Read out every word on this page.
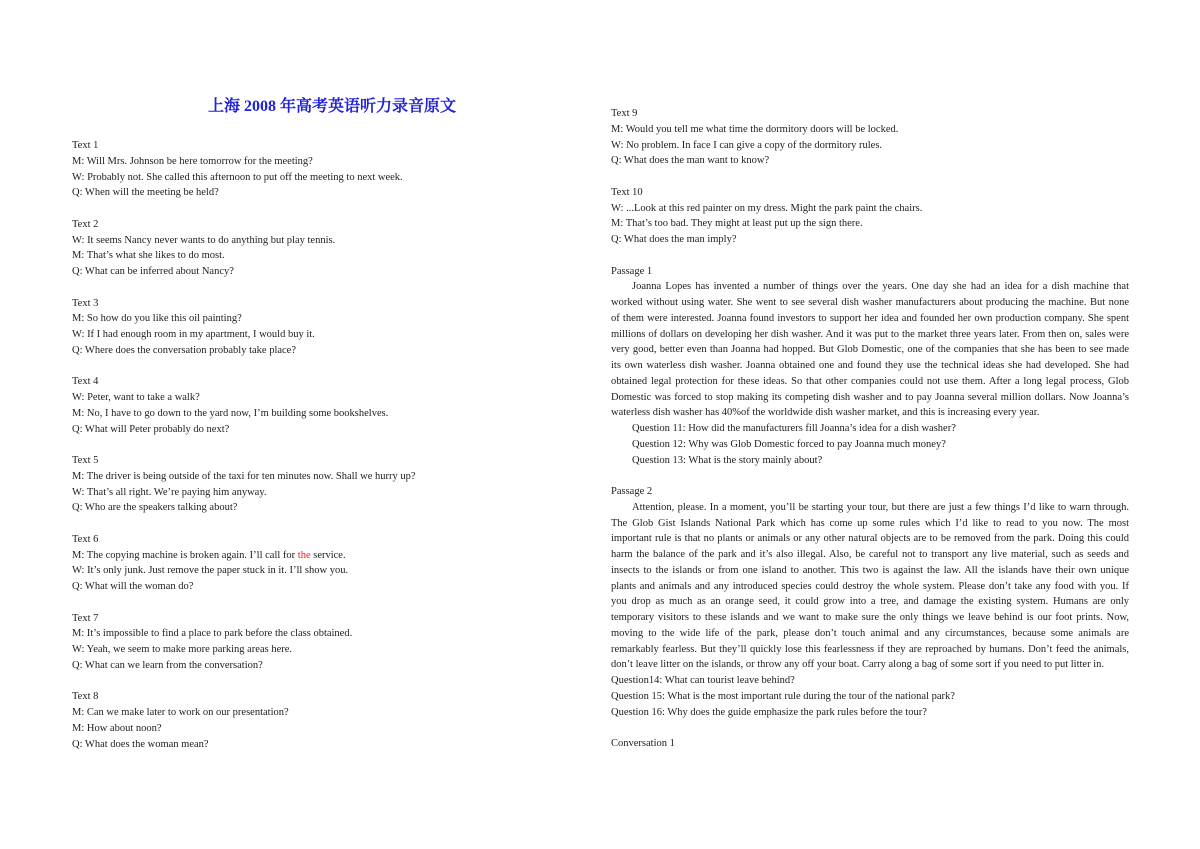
上海 2008 年高考英语听力录音原文
Text 1
M: Will Mrs. Johnson be here tomorrow for the meeting?
W: Probably not. She called this afternoon to put off the meeting to next week.
Q: When will the meeting be held?
Text 2
W: It seems Nancy never wants to do anything but play tennis.
M: That’s what she likes to do most.
Q: What can be inferred about Nancy?
Text 3
M: So how do you like this oil painting?
W: If I had enough room in my apartment, I would buy it.
Q: Where does the conversation probably take place?
Text 4
W: Peter, want to take a walk?
M: No, I have to go down to the yard now, I’m building some bookshelves.
Q: What will Peter probably do next?
Text 5
M: The driver is being outside of the taxi for ten minutes now. Shall we hurry up?
W: That’s all right. We’re paying him anyway.
Q: Who are the speakers talking about?
Text 6
M: The copying machine is broken again. I’ll call for the service.
W: It’s only junk. Just remove the paper stuck in it. I’ll show you.
Q: What will the woman do?
Text 7
M: It’s impossible to find a place to park before the class obtained.
W: Yeah, we seem to make more parking areas here.
Q: What can we learn from the conversation?
Text 8
M: Can we make later to work on our presentation?
M: How about noon?
Q: What does the woman mean?
Text 9
M: Would you tell me what time the dormitory doors will be locked.
W: No problem. In face I can give a copy of the dormitory rules.
Q: What does the man want to know?
Text 10
W: ...Look at this red painter on my dress. Might the park paint the chairs.
M: That’s too bad. They might at least put up the sign there.
Q: What does the man imply?
Passage 1
Joanna Lopes has invented a number of things over the years. One day she had an idea for a dish machine that
worked without using water. She went to see several dish washer manufacturers about producing the machine. But none
of them were interested. Joanna found investors to support her idea and founded her own production company. She spent
millions of dollars on developing her dish washer. And it was put to the market three years later. From then on, sales were
very good, better even than Joanna had hopped. But Glob Domestic, one of the companies that she has been to see made
its own waterless dish washer. Joanna obtained one and found they use the technical ideas she had developed. She had
obtained legal protection for these ideas. So that other companies could not use them. After a long legal process, Glob
Domestic was forced to stop making its competing dish washer and to pay Joanna several million dollars. Now Joanna’s
waterless dish washer has 40%of the worldwide dish washer market, and this is increasing every year.
Question 11: How did the manufacturers fill Joanna’s idea for a dish washer?
Question 12: Why was Glob Domestic forced to pay Joanna much money?
Question 13: What is the story mainly about?
Passage 2
Attention, please. In a moment, you’ll be starting your tour, but there are just a few things I’d like to warn through.
The Glob Gist Islands National Park which has come up some rules which I’d like to read to you now. The most
important rule is that no plants or animals or any other natural objects are to be removed from the park. Doing this could
harm the balance of the park and it’s also illegal. Also, be careful not to transport any live material, such as seeds and
insects to the islands or from one island to another. This two is against the law. All the islands have their own unique
plants and animals and any introduced species could destroy the whole system. Please don’t take any food with you. If
you drop as much as an orange seed, it could grow into a tree, and damage the existing system. Humans are only
temporary visitors to these islands and we want to make sure the only things we leave behind is our foot prints. Now,
moving to the wide life of the park, please don’t touch animal and any circumstances, because some animals are
remarkably fearless. But they’ll quickly lose this fearlessness if they are reproached by humans. Don’t feed the animals,
don’t leave litter on the islands, or throw any off your boat. Carry along a bag of some sort if you need to put litter in.
Question14: What can tourist leave behind?
Question 15: What is the most important rule during the tour of the national park?
Question 16: Why does the guide emphasize the park rules before the tour?
Conversation 1
